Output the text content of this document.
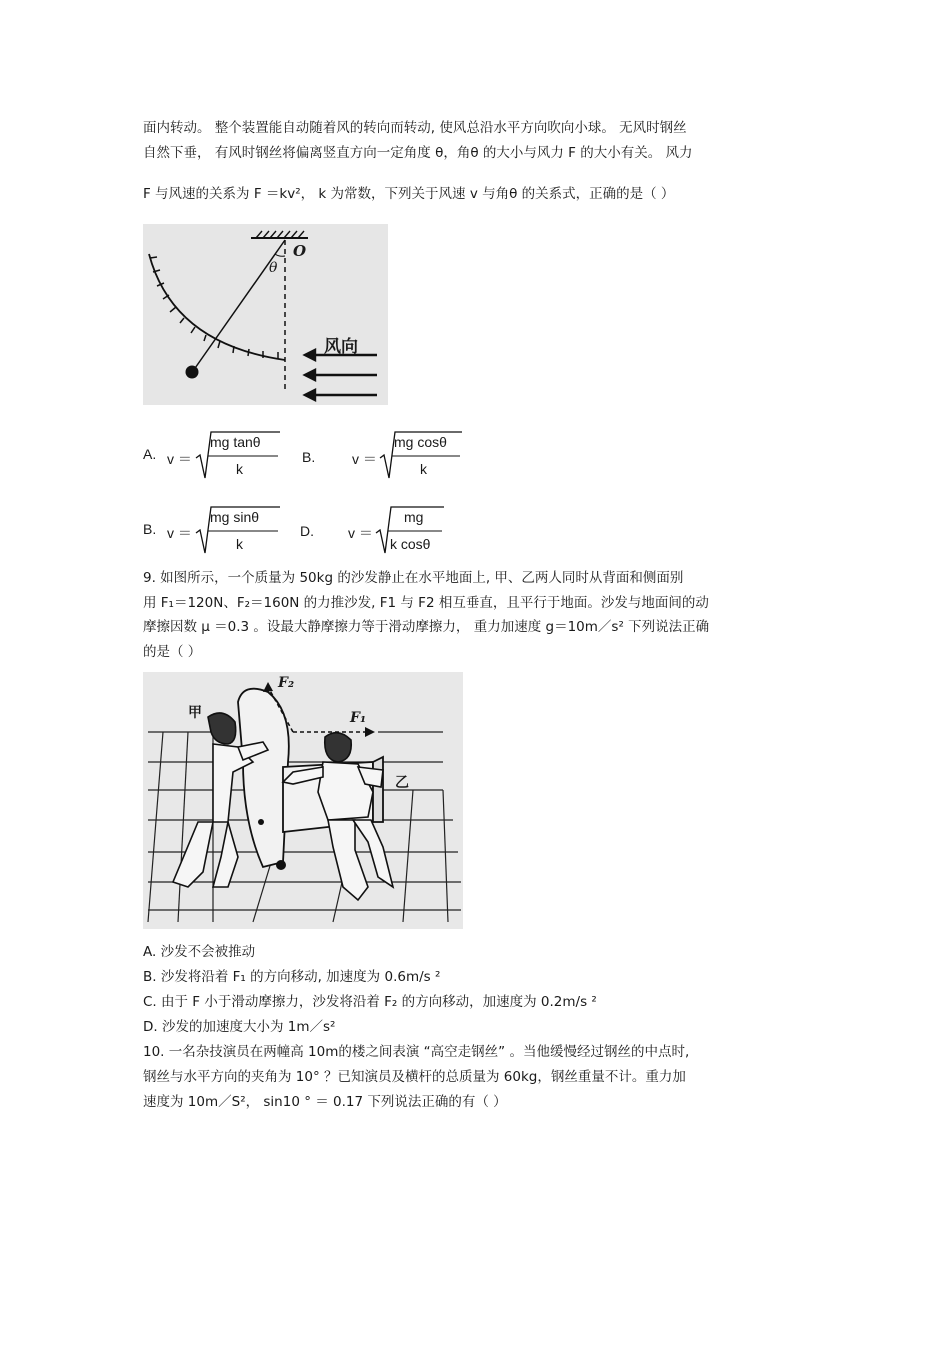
面内转动。 整个装置能自动随着风的转向而转动, 使风总沿水平方向吹向小球。 无风时钢丝
自然下垂， 有风时钢丝将偏离竖直方向一定角度 θ，角θ 的大小与风力 F 的大小有关。 风力
F 与风速的关系为 F ＝kv²， k 为常数，下列关于风速 v 与角θ 的关系式，正确的是（ ）
O
θ
风向
A. v ＝
mg tanθ
k
B.	v ＝
mg cosθ
k
B. v ＝
mg sinθ
k
D. v ＝
mg
k cosθ
9. 如图所示，一个质量为 50kg 的沙发静止在水平地面上, 甲、乙两人同时从背面和侧面别
用 F₁＝120N、F₂＝160N 的力推沙发, F1 与 F2 相互垂直，且平行于地面。沙发与地面间的动
摩擦因数 μ ＝0.3 。设最大静摩擦力等于滑动摩擦力， 重力加速度 g＝10m／s² 下列说法正确
的是（ ）
甲
乙
F₂
F₁
A. 沙发不会被推动
B. 沙发将沿着 F₁ 的方向移动, 加速度为 0.6m/s ²
C. 由于 F 小于滑动摩擦力，沙发将沿着 F₂ 的方向移动，加速度为 0.2m/s ²
D. 沙发的加速度大小为 1m／s²
10. 一名杂技演员在两幢高 10m的楼之间表演 “高空走钢丝” 。当他缓慢经过钢丝的中点时,
钢丝与水平方向的夹角为 10° ？已知演员及横杆的总质量为 60kg，钢丝重量不计。重力加
速度为 10m／S²， sin10 ° ＝ 0.17 下列说法正确的有（ ）
